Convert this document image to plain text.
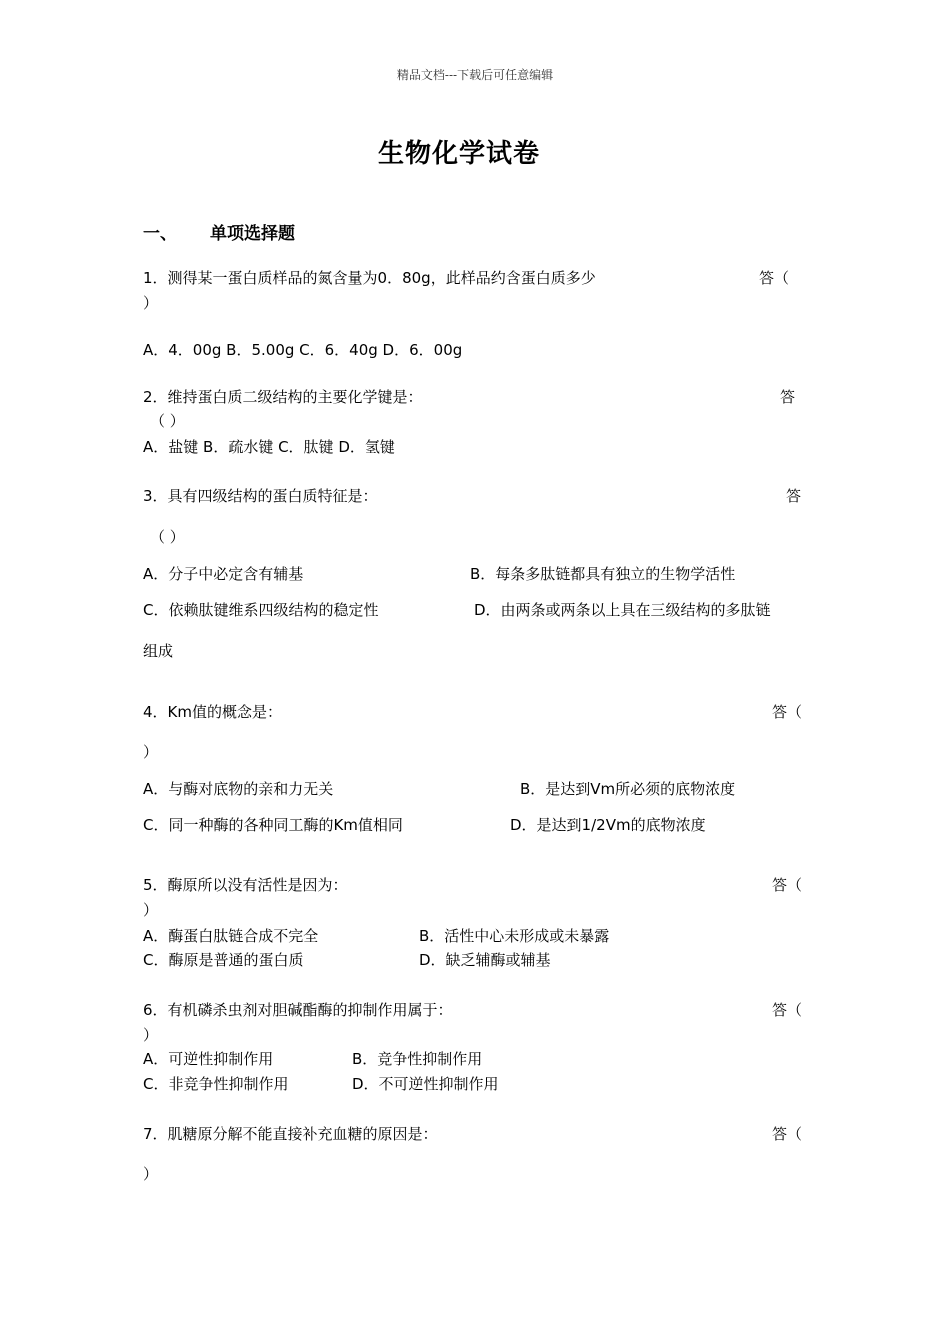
精品文档---下载后可任意编辑
生物化学试卷
一、 单项选择题
1．测得某一蛋白质样品的氮含量为0．80g，此样品约含蛋白质多少	答（
）
A．4．00g B．5.00g C．6．40g D．6．00g
2．维持蛋白质二级结构的主要化学键是：	答
（ ）
A．盐键 B．疏水键 C．肽键 D．氢键
3．具有四级结构的蛋白质特征是：	答
（ ）
A．分子中必定含有辅基	B．每条多肽链都具有独立的生物学活性
C．依赖肽键维系四级结构的稳定性	D．由两条或两条以上具在三级结构的多肽链
组成
4．Km值的概念是：	答（
）
A．与酶对底物的亲和力无关	B．是达到Vm所必须的底物浓度
C．同一种酶的各种同工酶的Km值相同	D．是达到1/2Vm的底物浓度
5．酶原所以没有活性是因为：	答（
）
A．酶蛋白肽链合成不完全	B．活性中心未形成或未暴露
C．酶原是普通的蛋白质	D．缺乏辅酶或辅基
6．有机磷杀虫剂对胆碱酯酶的抑制作用属于：	答（
）
A．可逆性抑制作用	B．竞争性抑制作用
C．非竞争性抑制作用	D．不可逆性抑制作用
7．肌糖原分解不能直接补充血糖的原因是：	答（
）
